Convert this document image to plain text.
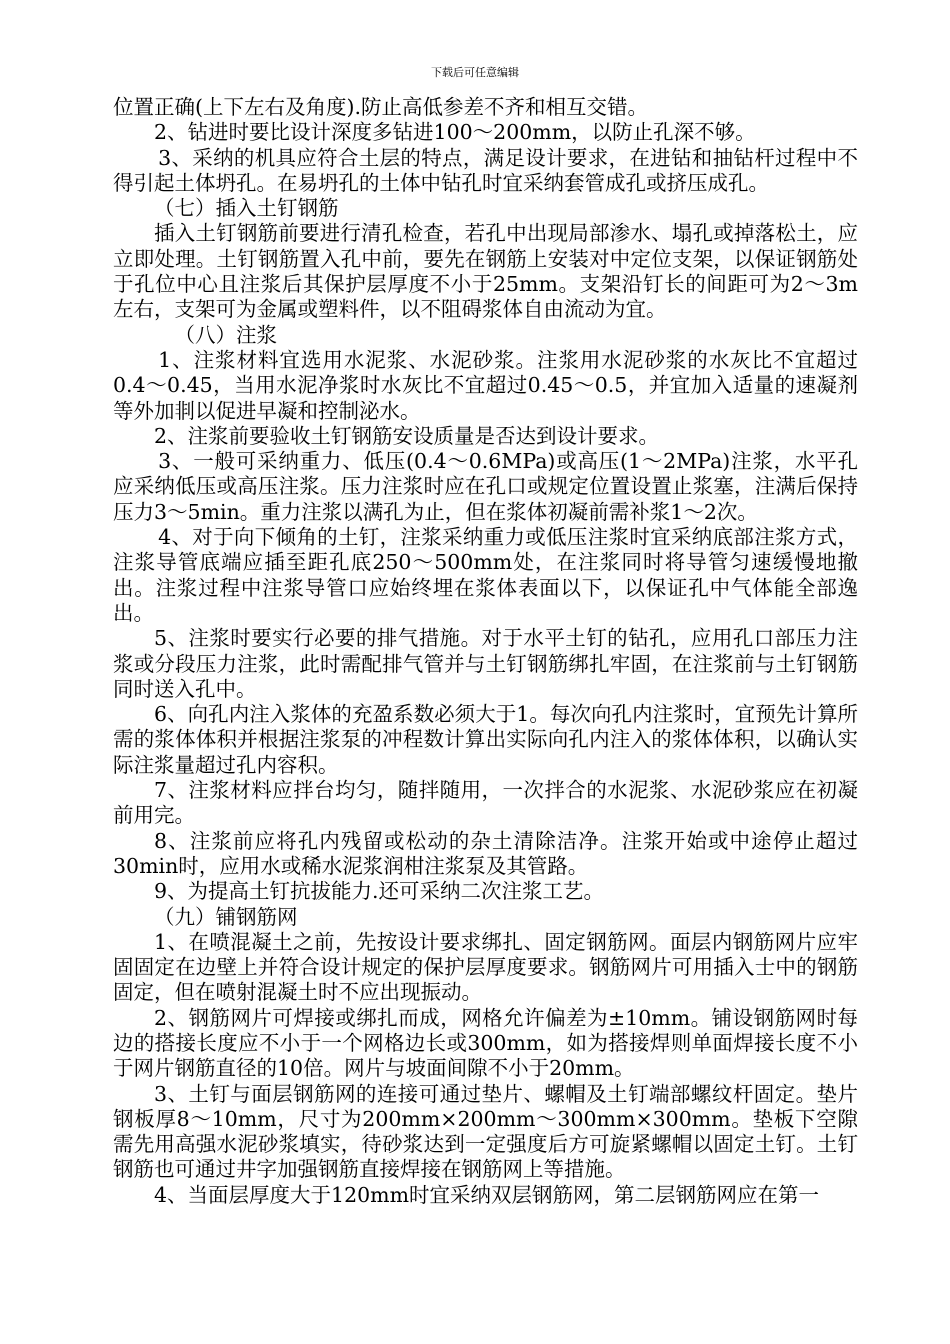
下载后可任意编辑

位置正确(上下左右及角度).防止高低参差不齐和相互交错。

2、钻进时要比设计深度多钻进100～200mm，以防止孔深不够。

3、采纳的机具应符合土层的特点，满足设计要求，在进钻和抽钻杆过程中不得引起土体坍孔。在易坍孔的土体中钻孔时宜采纳套管成孔或挤压成孔。

（七）插入土钉钢筋

插入土钉钢筋前要进行清孔检查，若孔中出现局部渗水、塌孔或掉落松土，应立即处理。土钉钢筋置入孔中前，要先在钢筋上安装对中定位支架，以保证钢筋处于孔位中心且注浆后其保护层厚度不小于25mm。支架沿钉长的间距可为2～3m左右，支架可为金属或塑料件，以不阻碍浆体自由流动为宜。

（八）注浆

1、注浆材料宜选用水泥浆、水泥砂浆。注浆用水泥砂浆的水灰比不宜超过0.4～0.45，当用水泥净浆时水灰比不宜超过0.45～0.5，并宜加入适量的速凝剂等外加剕以促进早凝和控制泌水。

2、注浆前要验收土钉钢筋安设质量是否达到设计要求。

3、一般可采纳重力、低压(0.4～0.6MPa)或高压(1～2MPa)注浆，水平孔应采纳低压或高压注浆。压力注浆时应在孔口或规定位置设置止浆塞，注满后保持压力3～5min。重力注浆以满孔为止，但在浆体初凝前需补浆1～2次。

4、对于向下倾角的土钉，注浆采纳重力或低压注浆时宜采纳底部注浆方式，注浆导管底端应插至距孔底250～500mm处，在注浆同时将导管匀速缓慢地撤出。注浆过程中注浆导管口应始终埋在浆体表面以下，以保证孔中气体能全部逸出。

5、注浆时要实行必要的排气措施。对于水平土钉的钻孔，应用孔口部压力注浆或分段压力注浆，此时需配排气管并与土钉钢筋绑扎牢固，在注浆前与土钉钢筋同时送入孔中。

6、向孔内注入浆体的充盈系数必须大于1。每次向孔内注浆时，宜预先计算所需的浆体体积并根据注浆泵的冲程数计算出实际向孔内注入的浆体体积，以确认实际注浆量超过孔内容积。

7、注浆材料应拌台均匀，随拌随用，一次拌合的水泥浆、水泥砂浆应在初凝前用完。

8、注浆前应将孔内残留或松动的杂土清除洁净。注浆开始或中途停止超过30min时，应用水或稀水泥浆润柑注浆泵及其管路。

9、为提高土钉抗拔能力.还可采纳二次注浆工艺。

（九）铺钢筋网

1、在喷混凝土之前，先按设计要求绑扎、固定钢筋网。面层内钢筋网片应牢固固定在边壁上并符合设计规定的保护层厚度要求。钢筋网片可用插入士中的钢筋固定，但在喷射混凝土时不应出现振动。

2、钢筋网片可焊接或绑扎而成，网格允许偏差为±10mm。铺设钢筋网时每边的搭接长度应不小于一个网格边长或300mm，如为搭接焊则单面焊接长度不小于网片钢筋直径的10倍。网片与坡面间隙不小于20mm。

3、土钉与面层钢筋网的连接可通过垫片、螺帽及土钉端部螺纹杆固定。垫片钢板厚8～10mm，尺寸为200mm×200mm～300mm×300mm。垫板下空隙需先用高强水泥砂浆填实，待砂浆达到一定强度后方可旋紧螺帽以固定土钉。土钉钢筋也可通过井字加强钢筋直接焊接在钢筋网上等措施。

4、当面层厚度大于120mm时宜采纳双层钢筋网，第二层钢筋网应在第一
